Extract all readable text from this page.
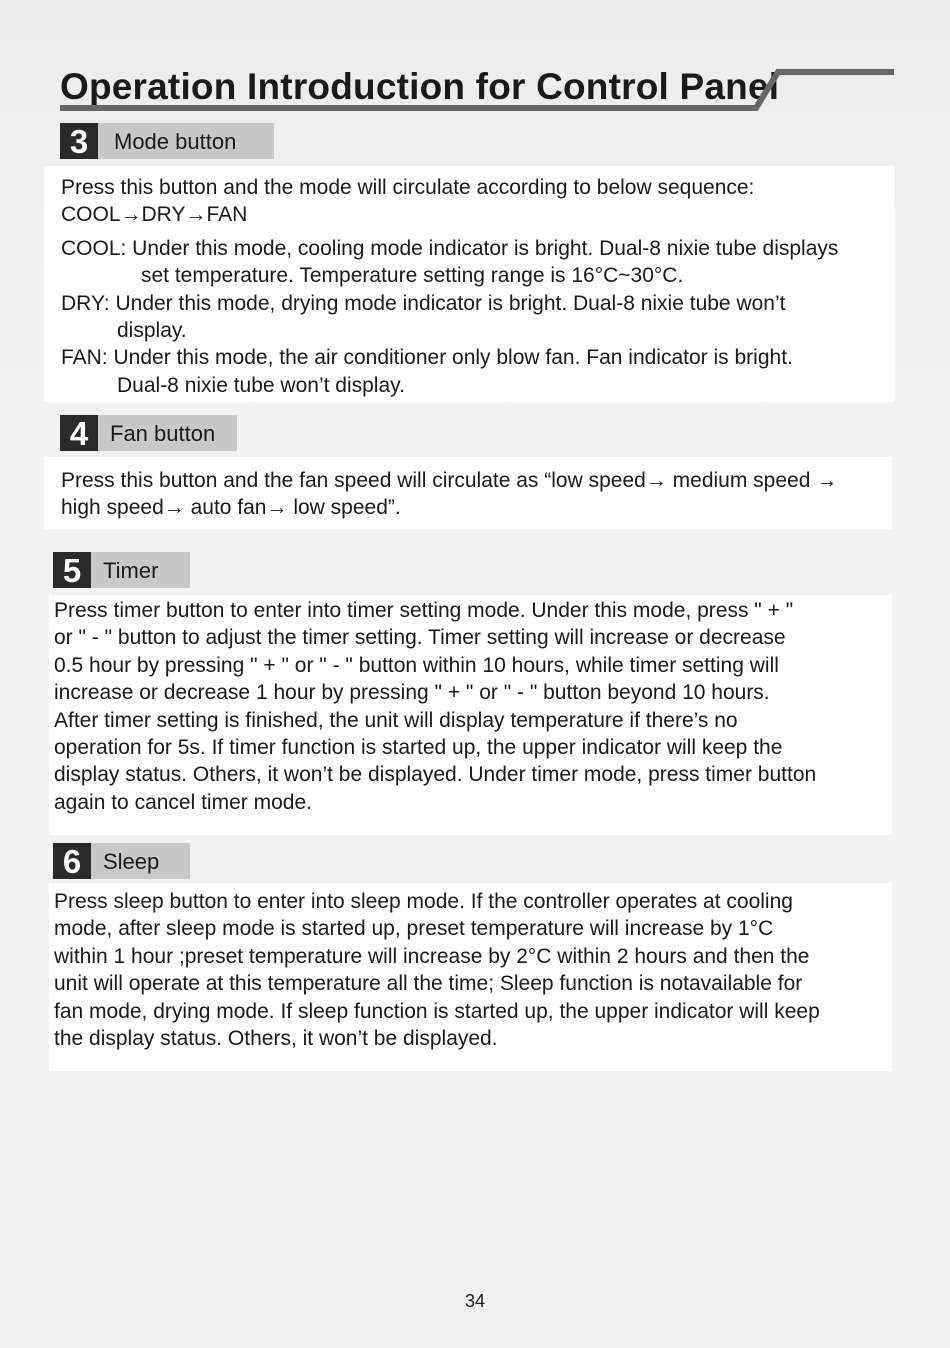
Operation Introduction for Control Panel
3	Mode button
Press this button and the mode will circulate according to below sequence:
COOL→DRY→FAN
COOL: Under this mode, cooling mode indicator is bright. Dual-8 nixie tube displays
set temperature. Temperature setting range is 16°C~30°C.
DRY: Under this mode, drying mode indicator is bright. Dual-8 nixie tube won’t
display.
FAN: Under this mode, the air conditioner only blow fan. Fan indicator is bright.
Dual-8 nixie tube won’t display.
4 Fan button
Press this button and the fan speed will circulate as “low speed→ medium speed →
high speed→ auto fan→ low speed”.
5 Timer
Press timer button to enter into timer setting mode. Under this mode, press " + "
or " - " button to adjust the timer setting. Timer setting will increase or decrease
0.5 hour by pressing " + " or " - " button within 10 hours, while timer setting will
increase or decrease 1 hour by pressing " + " or " - " button beyond 10 hours.
After timer setting is finished, the unit will display temperature if there’s no
operation for 5s. If timer function is started up, the upper indicator will keep the
display status. Others, it won’t be displayed. Under timer mode, press timer button
again to cancel timer mode.
6 Sleep
Press sleep button to enter into sleep mode. If the controller operates at cooling
mode, after sleep mode is started up, preset temperature will increase by 1°C
within 1 hour ;preset temperature will increase by 2°C within 2 hours and then the
unit will operate at this temperature all the time; Sleep function is notavailable for
fan mode, drying mode. If sleep function is started up, the upper indicator will keep
the display status. Others, it won’t be displayed.
34
